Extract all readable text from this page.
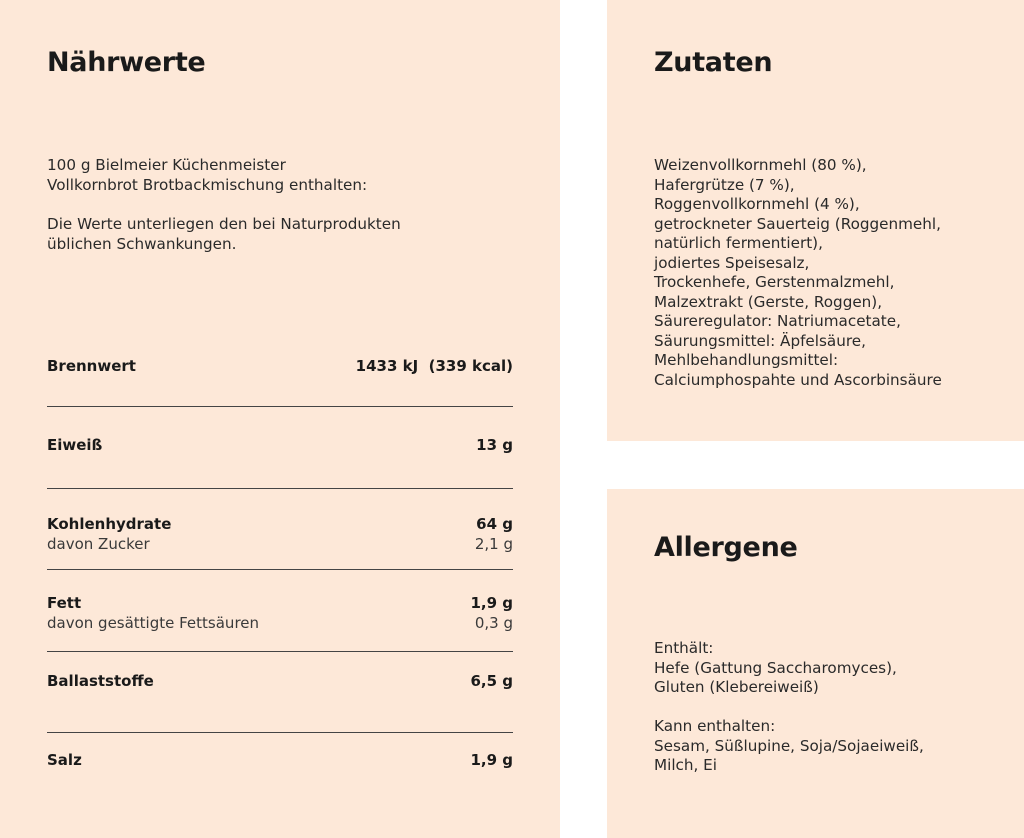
Nährwerte
100 g Bielmeier Küchenmeister
Vollkornbrot Brotbackmischung enthalten:
Die Werte unterliegen den bei Naturprodukten
üblichen Schwankungen.
Brennwert	1433 kJ  (339 kcal)
Eiweiß	13 g
Kohlenhydrate	64 g
davon Zucker	2,1 g
Fett	1,9 g
davon gesättigte Fettsäuren	0,3 g
Ballaststoffe	6,5 g
Salz	1,9 g
Zutaten
Weizenvollkornmehl (80 %),
Hafergrütze (7 %),
Roggenvollkornmehl (4 %),
getrockneter Sauerteig (Roggenmehl,
natürlich fermentiert),
jodiertes Speisesalz,
Trockenhefe, Gerstenmalzmehl,
Malzextrakt (Gerste, Roggen),
Säureregulator: Natriumacetate,
Säurungsmittel: Äpfelsäure,
Mehlbehandlungsmittel:
Calciumphospahte und Ascorbinsäure
Allergene
Enthält:
Hefe (Gattung Saccharomyces),
Gluten (Klebereiweiß)
Kann enthalten:
Sesam, Süßlupine, Soja/Sojaeiweiß,
Milch, Ei
